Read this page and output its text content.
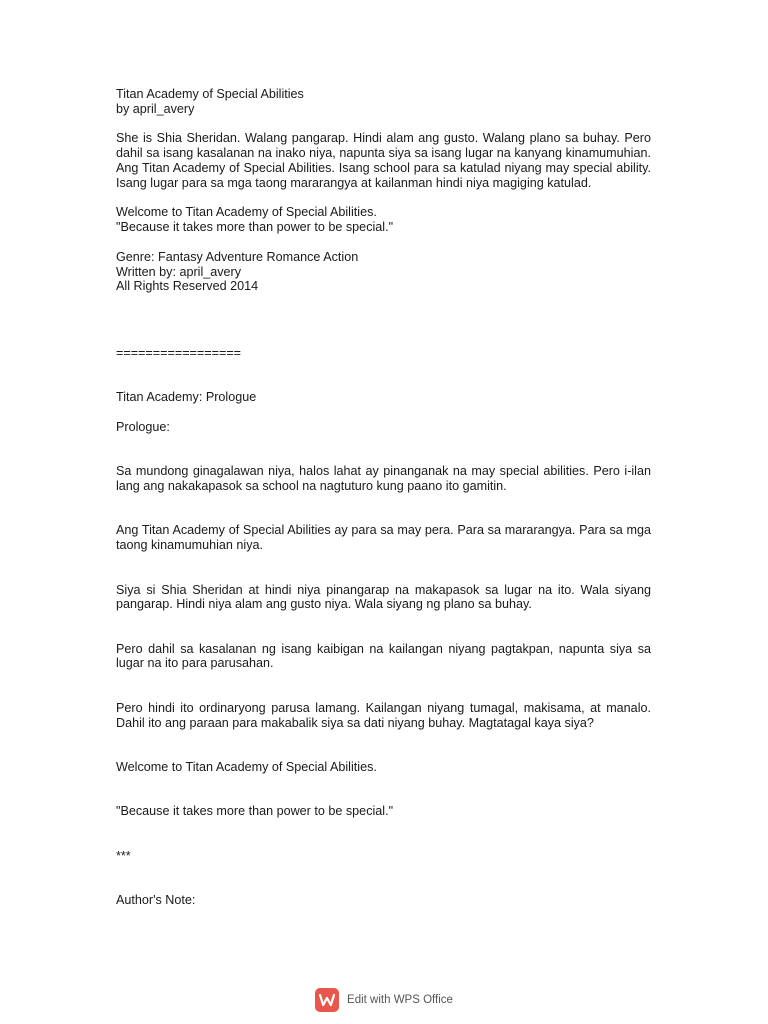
Titan Academy of Special Abilities
by april_avery
She is Shia Sheridan. Walang pangarap. Hindi alam ang gusto. Walang plano sa buhay. Pero dahil sa isang kasalanan na inako niya, napunta siya sa isang lugar na kanyang kinamumuhian. Ang Titan Academy of Special Abilities. Isang school para sa katulad niyang may special ability. Isang lugar para sa mga taong mararangya at kailanman hindi niya magiging katulad.
Welcome to Titan Academy of Special Abilities.
"Because it takes more than power to be special."
Genre: Fantasy Adventure Romance Action
Written by: april_avery
All Rights Reserved 2014
=================
Titan Academy: Prologue
Prologue:
Sa mundong ginagalawan niya, halos lahat ay pinanganak na may special abilities. Pero i-ilan lang ang nakakapasok sa school na nagtuturo kung paano ito gamitin.
Ang Titan Academy of Special Abilities ay para sa may pera. Para sa mararangya. Para sa mga taong kinamumuhian niya.
Siya si Shia Sheridan at hindi niya pinangarap na makapasok sa lugar na ito. Wala siyang pangarap. Hindi niya alam ang gusto niya. Wala siyang ng plano sa buhay.
Pero dahil sa kasalanan ng isang kaibigan na kailangan niyang pagtakpan, napunta siya sa lugar na ito para parusahan.
Pero hindi ito ordinaryong parusa lamang. Kailangan niyang tumagal, makisama, at manalo. Dahil ito ang paraan para makabalik siya sa dati niyang buhay. Magtatagal kaya siya?
Welcome to Titan Academy of Special Abilities.
"Because it takes more than power to be special."
***
Author's Note:
Edit with WPS Office
